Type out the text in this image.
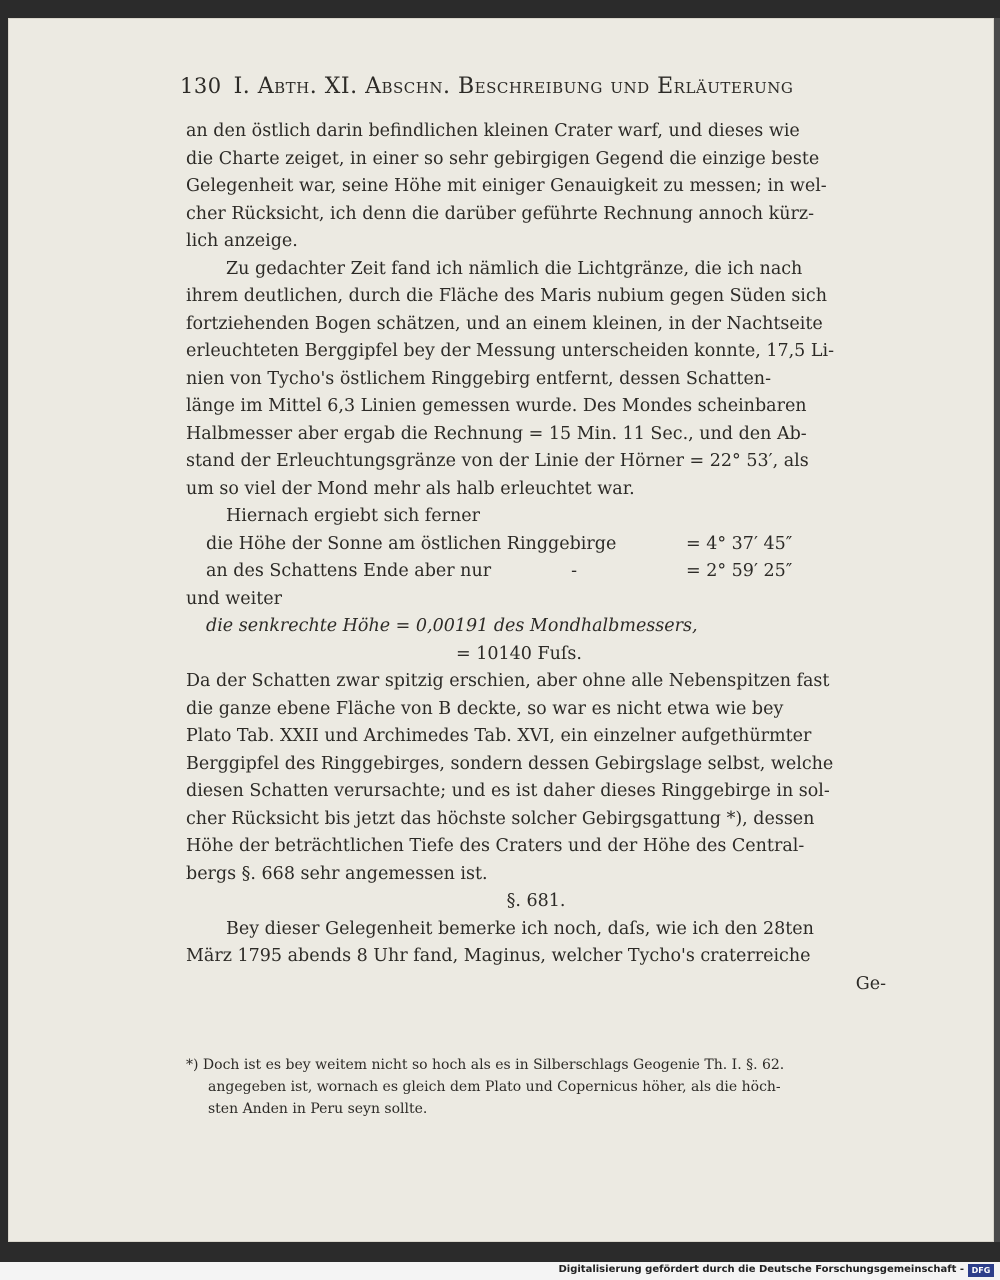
130 I. Abth. XI. Abschn. Beschreibung und Erläuterung

an den östlich darin befindlichen kleinen Crater warf, und dieses wie
die Charte zeiget, in einer so sehr gebirgigen Gegend die einzige beste
Gelegenheit war, seine Höhe mit einiger Genauigkeit zu messen; in wel-
cher Rücksicht, ich denn die darüber geführte Rechnung annoch kürz-
lich anzeige.

Zu gedachter Zeit fand ich nämlich die Lichtgränze, die ich nach
ihrem deutlichen, durch die Fläche des Maris nubium gegen Süden sich
fortziehenden Bogen schätzen, und an einem kleinen, in der Nachtseite
erleuchteten Berggipfel bey der Messung unterscheiden konnte, 17,5 Li-
nien von Tycho's östlichem Ringgebirg entfernt, dessen Schatten-
länge im Mittel 6,3 Linien gemessen wurde. Des Mondes scheinbaren
Halbmesser aber ergab die Rechnung = 15 Min. 11 Sec., und den Ab-
stand der Erleuchtungsgränze von der Linie der Hörner = 22° 53′, als
um so viel der Mond mehr als halb erleuchtet war.

Hiernach ergiebt sich ferner

die Höhe der Sonne am östlichen Ringgebirge	= 4° 37′ 45″
an des Schattens Ende aber nur	-	= 2° 59′ 25″

und weiter

die senkrechte Höhe = 0,00191 des Mondhalbmessers,

= 10140 Fuſs.

Da der Schatten zwar spitzig erschien, aber ohne alle Nebenspitzen fast
die ganze ebene Fläche von B deckte, so war es nicht etwa wie bey
Plato Tab. XXII und Archimedes Tab. XVI, ein einzelner aufgethürmter
Berggipfel des Ringgebirges, sondern dessen Gebirgslage selbst, welche
diesen Schatten verursachte; und es ist daher dieses Ringgebirge in sol-
cher Rücksicht bis jetzt das höchste solcher Gebirgsgattung *), dessen
Höhe der beträchtlichen Tiefe des Craters und der Höhe des Central-
bergs §. 668 sehr angemessen ist.

§. 681.

Bey dieser Gelegenheit bemerke ich noch, daſs, wie ich den 28ten
März 1795 abends 8 Uhr fand, Maginus, welcher Tycho's craterreiche

Ge-

*) Doch ist es bey weitem nicht so hoch als es in Silberschlags Geogenie Th. I. §. 62.

angegeben ist, wornach es gleich dem Plato und Copernicus höher, als die höch-

sten Anden in Peru seyn sollte.

Digitalisierung gefördert durch die Deutsche Forschungsgemeinschaft - DFG
